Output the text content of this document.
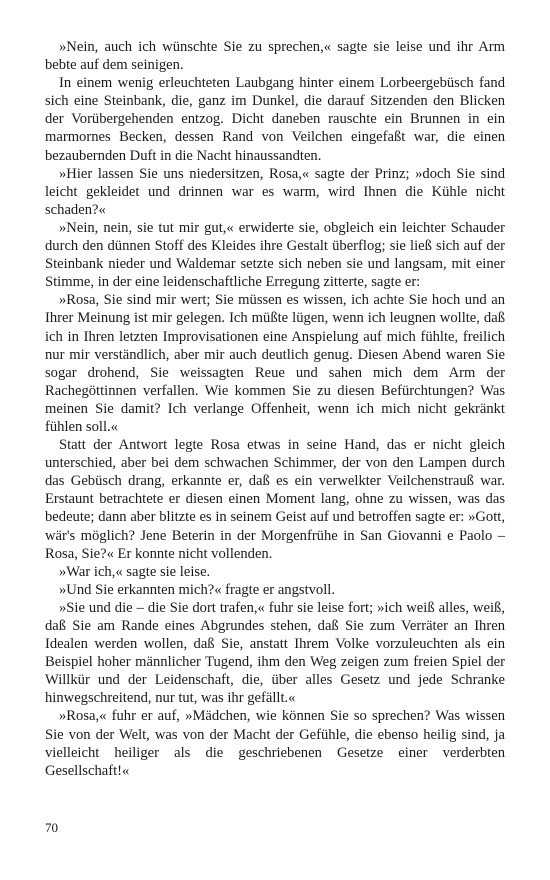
»Nein, auch ich wünschte Sie zu sprechen,« sagte sie leise und ihr Arm bebte auf dem seinigen.

In einem wenig erleuchteten Laubgang hinter einem Lorbeergebüsch fand sich eine Steinbank, die, ganz im Dunkel, die darauf Sitzenden den Blicken der Vorübergehenden entzog. Dicht daneben rauschte ein Brunnen in ein marmornes Becken, dessen Rand von Veilchen eingefaßt war, die einen bezaubernden Duft in die Nacht hinaussandten.

»Hier lassen Sie uns niedersitzen, Rosa,« sagte der Prinz; »doch Sie sind leicht gekleidet und drinnen war es warm, wird Ihnen die Kühle nicht schaden?«

»Nein, nein, sie tut mir gut,« erwiderte sie, obgleich ein leichter Schauder durch den dünnen Stoff des Kleides ihre Gestalt überflog; sie ließ sich auf der Steinbank nieder und Waldemar setzte sich neben sie und langsam, mit einer Stimme, in der eine leidenschaftliche Erregung zitterte, sagte er:

»Rosa, Sie sind mir wert; Sie müssen es wissen, ich achte Sie hoch und an Ihrer Meinung ist mir gelegen. Ich müßte lügen, wenn ich leugnen wollte, daß ich in Ihren letzten Improvisationen eine Anspielung auf mich fühlte, freilich nur mir verständlich, aber mir auch deutlich genug. Diesen Abend waren Sie sogar drohend, Sie weissagten Reue und sahen mich dem Arm der Rachegöttinnen verfallen. Wie kommen Sie zu diesen Befürchtungen? Was meinen Sie damit? Ich verlange Offenheit, wenn ich mich nicht gekränkt fühlen soll.«

Statt der Antwort legte Rosa etwas in seine Hand, das er nicht gleich unterschied, aber bei dem schwachen Schimmer, der von den Lampen durch das Gebüsch drang, erkannte er, daß es ein verwelkter Veilchenstrauß war. Erstaunt betrachtete er diesen einen Moment lang, ohne zu wissen, was das bedeute; dann aber blitzte es in seinem Geist auf und betroffen sagte er: »Gott, wär's möglich? Jene Beterin in der Morgenfrühe in San Giovanni e Paolo – Rosa, Sie?« Er konnte nicht vollenden.

»War ich,« sagte sie leise.

»Und Sie erkannten mich?« fragte er angstvoll.

»Sie und die – die Sie dort trafen,« fuhr sie leise fort; »ich weiß alles, weiß, daß Sie am Rande eines Abgrundes stehen, daß Sie zum Verräter an Ihren Idealen werden wollen, daß Sie, anstatt Ihrem Volke vorzuleuchten als ein Beispiel hoher männlicher Tugend, ihm den Weg zeigen zum freien Spiel der Willkür und der Leidenschaft, die, über alles Gesetz und jede Schranke hinwegschreitend, nur tut, was ihr gefällt.«

»Rosa,« fuhr er auf, »Mädchen, wie können Sie so sprechen? Was wissen Sie von der Welt, was von der Macht der Gefühle, die ebenso heilig sind, ja vielleicht heiliger als die geschriebenen Gesetze einer verderbten Gesellschaft!«

70
